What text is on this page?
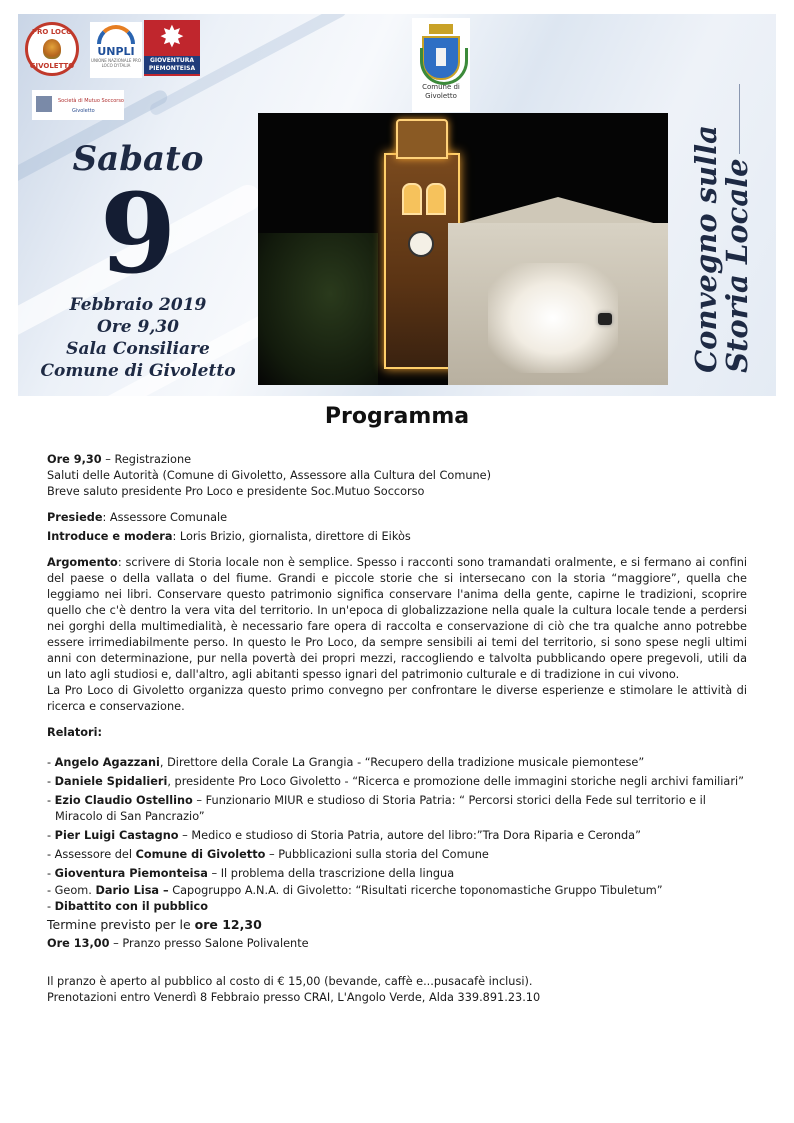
PRO LOCO
GIVOLETTO
UNPLI
UNIONE NAZIONALE PRO LOCO D'ITALIA
✸
GIOVENTURA PIEMONTEISA
Società di Mutuo Soccorso
Givoletto
Comune di Givoletto
Sabato
9
Febbraio 2019
Ore 9,30
Sala Consiliare
Comune di Givoletto	Convegno sulla
Storia Locale
Programma

Ore 9,30 – Registrazione

Saluti delle Autorità (Comune di Givoletto, Assessore alla Cultura del Comune)

Breve saluto presidente Pro Loco e presidente Soc.Mutuo Soccorso

Presiede: Assessore Comunale

Introduce e modera: Loris Brizio, giornalista, direttore di Eikòs

Argomento: scrivere di Storia locale non è semplice. Spesso i racconti sono tramandati oralmente, e si fermano ai confini del paese o della vallata o del fiume. Grandi e piccole storie che si intersecano con la storia “maggiore”, quella che leggiamo nei libri. Conservare questo patrimonio significa conservare l'anima della gente, capirne le tradizioni, scoprire quello che c'è dentro la vera vita del territorio. In un'epoca di globalizzazione nella quale la cultura locale tende a perdersi nei gorghi della multimedialità, è necessario fare opera di raccolta e conservazione di ciò che tra qualche anno potrebbe essere irrimediabilmente perso. In questo le Pro Loco, da sempre sensibili ai temi del territorio, si sono spese negli ultimi anni con determinazione, pur nella povertà dei propri mezzi, raccogliendo e talvolta pubblicando opere pregevoli, utili da un lato agli studiosi e, dall'altro, agli abitanti spesso ignari del patrimonio culturale e di tradizione in cui vivono.

La Pro Loco di Givoletto organizza questo primo convegno per confrontare le diverse esperienze e stimolare le attività di ricerca e conservazione.

Relatori:

- Angelo Agazzani, Direttore della Corale La Grangia - “Recupero della tradizione musicale piemontese”

- Daniele Spidalieri, presidente Pro Loco Givoletto - “Ricerca e promozione delle immagini storiche negli archivi familiari”

- Ezio Claudio Ostellino – Funzionario MIUR e studioso di Storia Patria: “ Percorsi storici della Fede sul territorio e il Miracolo di San Pancrazio”

- Pier Luigi Castagno – Medico e studioso di Storia Patria, autore del libro:”Tra Dora Riparia e Ceronda”

- Assessore del Comune di Givoletto – Pubblicazioni sulla storia del Comune

- Gioventura Piemonteisa – Il problema della trascrizione della lingua

- Geom. Dario Lisa – Capogruppo A.N.A. di Givoletto: “Risultati ricerche toponomastiche Gruppo Tibuletum”

- Dibattito con il pubblico

Termine previsto per le ore 12,30

Ore 13,00 – Pranzo presso Salone Polivalente

Il pranzo è aperto al pubblico al costo di € 15,00 (bevande, caffè e...pusacafè inclusi).

Prenotazioni entro Venerdì 8 Febbraio presso CRAI, L'Angolo Verde, Alda 339.891.23.10
